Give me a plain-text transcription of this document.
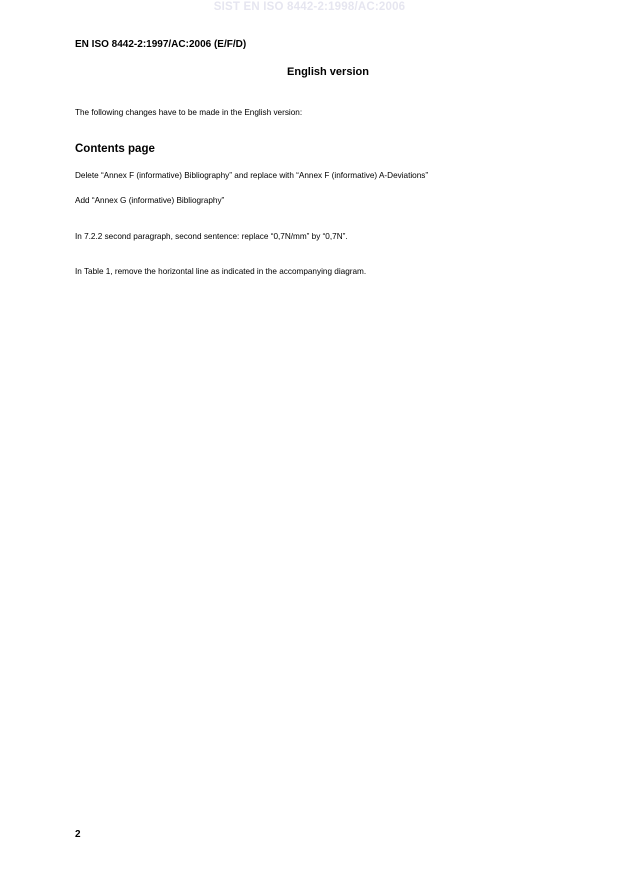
SIST EN ISO 8442-2:1998/AC:2006
EN ISO 8442-2:1997/AC:2006 (E/F/D)
English version
The following changes have to be made in the English version:
Contents page
Delete “Annex F (informative) Bibliography” and replace with “Annex F (informative) A-Deviations”
Add “Annex G (informative) Bibliography”
In 7.2.2 second paragraph, second sentence: replace “0,7N/mm” by “0,7N”.
In Table 1, remove the horizontal line as indicated in the accompanying diagram.
2
